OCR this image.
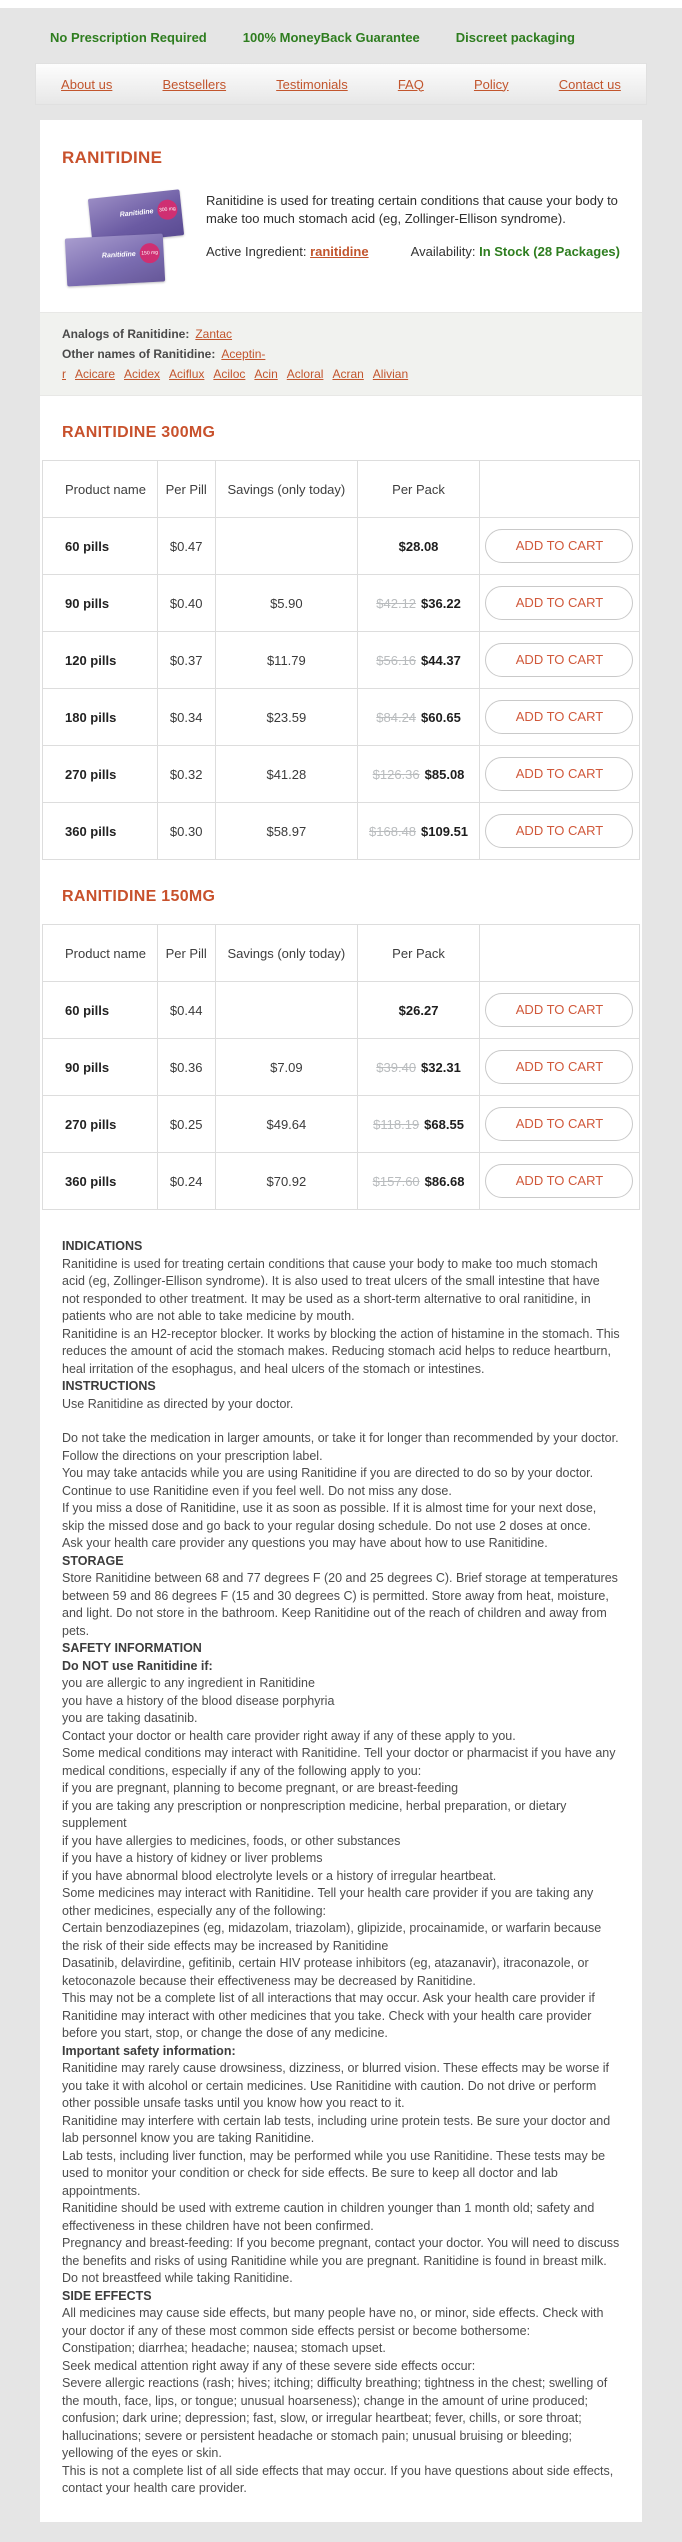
No Prescription Required	100% MoneyBack Guarantee	Discreet packaging
About us	Bestsellers	Testimonials	FAQ	Policy	Contact us
RANITIDINE
Ranitidine 300 mg
Ranitidine	150 mg

Ranitidine is used for treating certain conditions that cause your body to make too much stomach acid (eg, Zollinger-Ellison syndrome).

Active Ingredient: ranitidine	Availability: In Stock (28 Packages)
Analogs of Ranitidine: Zantac
Other names of Ranitidine: Aceptin-r Acicare Acidex Aciflux Aciloc Acin Acloral Acran Alivian
RANITIDINE 300MG
Product name	Per Pill	Savings (only today)	Per Pack	
60 pills	$0.47		$28.08	ADD TO CART
90 pills	$0.40	$5.90	$42.12 $36.22	ADD TO CART
120 pills	$0.37	$11.79	$56.16 $44.37	ADD TO CART
180 pills	$0.34	$23.59	$84.24 $60.65	ADD TO CART
270 pills	$0.32	$41.28	$126.36 $85.08	ADD TO CART
360 pills	$0.30	$58.97	$168.48 $109.51	ADD TO CART
RANITIDINE 150MG
Product name	Per Pill	Savings (only today)	Per Pack	
60 pills	$0.44		$26.27	ADD TO CART
90 pills	$0.36	$7.09	$39.40 $32.31	ADD TO CART
270 pills	$0.25	$49.64	$118.19 $68.55	ADD TO CART
360 pills	$0.24	$70.92	$157.60 $86.68	ADD TO CART
INDICATIONS
Ranitidine is used for treating certain conditions that cause your body to make too much stomach acid (eg, Zollinger-Ellison syndrome). It is also used to treat ulcers of the small intestine that have not responded to other treatment. It may be used as a short-term alternative to oral ranitidine, in patients who are not able to take medicine by mouth.
Ranitidine is an H2-receptor blocker. It works by blocking the action of histamine in the stomach. This reduces the amount of acid the stomach makes. Reducing stomach acid helps to reduce heartburn, heal irritation of the esophagus, and heal ulcers of the stomach or intestines.
INSTRUCTIONS
Use Ranitidine as directed by your doctor.
Do not take the medication in larger amounts, or take it for longer than recommended by your doctor. Follow the directions on your prescription label.
You may take antacids while you are using Ranitidine if you are directed to do so by your doctor.
Continue to use Ranitidine even if you feel well. Do not miss any dose.
If you miss a dose of Ranitidine, use it as soon as possible. If it is almost time for your next dose, skip the missed dose and go back to your regular dosing schedule. Do not use 2 doses at once.
Ask your health care provider any questions you may have about how to use Ranitidine.
STORAGE
Store Ranitidine between 68 and 77 degrees F (20 and 25 degrees C). Brief storage at temperatures between 59 and 86 degrees F (15 and 30 degrees C) is permitted. Store away from heat, moisture, and light. Do not store in the bathroom. Keep Ranitidine out of the reach of children and away from pets.
SAFETY INFORMATION
Do NOT use Ranitidine if:
you are allergic to any ingredient in Ranitidine
you have a history of the blood disease porphyria
you are taking dasatinib.
Contact your doctor or health care provider right away if any of these apply to you.
Some medical conditions may interact with Ranitidine. Tell your doctor or pharmacist if you have any medical conditions, especially if any of the following apply to you:
if you are pregnant, planning to become pregnant, or are breast-feeding
if you are taking any prescription or nonprescription medicine, herbal preparation, or dietary supplement
if you have allergies to medicines, foods, or other substances
if you have a history of kidney or liver problems
if you have abnormal blood electrolyte levels or a history of irregular heartbeat.
Some medicines may interact with Ranitidine. Tell your health care provider if you are taking any other medicines, especially any of the following:
Certain benzodiazepines (eg, midazolam, triazolam), glipizide, procainamide, or warfarin because the risk of their side effects may be increased by Ranitidine
Dasatinib, delavirdine, gefitinib, certain HIV protease inhibitors (eg, atazanavir), itraconazole, or ketoconazole because their effectiveness may be decreased by Ranitidine.
This may not be a complete list of all interactions that may occur. Ask your health care provider if Ranitidine may interact with other medicines that you take. Check with your health care provider before you start, stop, or change the dose of any medicine.
Important safety information:
Ranitidine may rarely cause drowsiness, dizziness, or blurred vision. These effects may be worse if you take it with alcohol or certain medicines. Use Ranitidine with caution. Do not drive or perform other possible unsafe tasks until you know how you react to it.
Ranitidine may interfere with certain lab tests, including urine protein tests. Be sure your doctor and lab personnel know you are taking Ranitidine.
Lab tests, including liver function, may be performed while you use Ranitidine. These tests may be used to monitor your condition or check for side effects. Be sure to keep all doctor and lab appointments.
Ranitidine should be used with extreme caution in children younger than 1 month old; safety and effectiveness in these children have not been confirmed.
Pregnancy and breast-feeding: If you become pregnant, contact your doctor. You will need to discuss the benefits and risks of using Ranitidine while you are pregnant. Ranitidine is found in breast milk. Do not breastfeed while taking Ranitidine.
SIDE EFFECTS
All medicines may cause side effects, but many people have no, or minor, side effects. Check with your doctor if any of these most common side effects persist or become bothersome:
Constipation; diarrhea; headache; nausea; stomach upset.
Seek medical attention right away if any of these severe side effects occur:
Severe allergic reactions (rash; hives; itching; difficulty breathing; tightness in the chest; swelling of the mouth, face, lips, or tongue; unusual hoarseness); change in the amount of urine produced; confusion; dark urine; depression; fast, slow, or irregular heartbeat; fever, chills, or sore throat; hallucinations; severe or persistent headache or stomach pain; unusual bruising or bleeding; yellowing of the eyes or skin.
This is not a complete list of all side effects that may occur. If you have questions about side effects, contact your health care provider.
